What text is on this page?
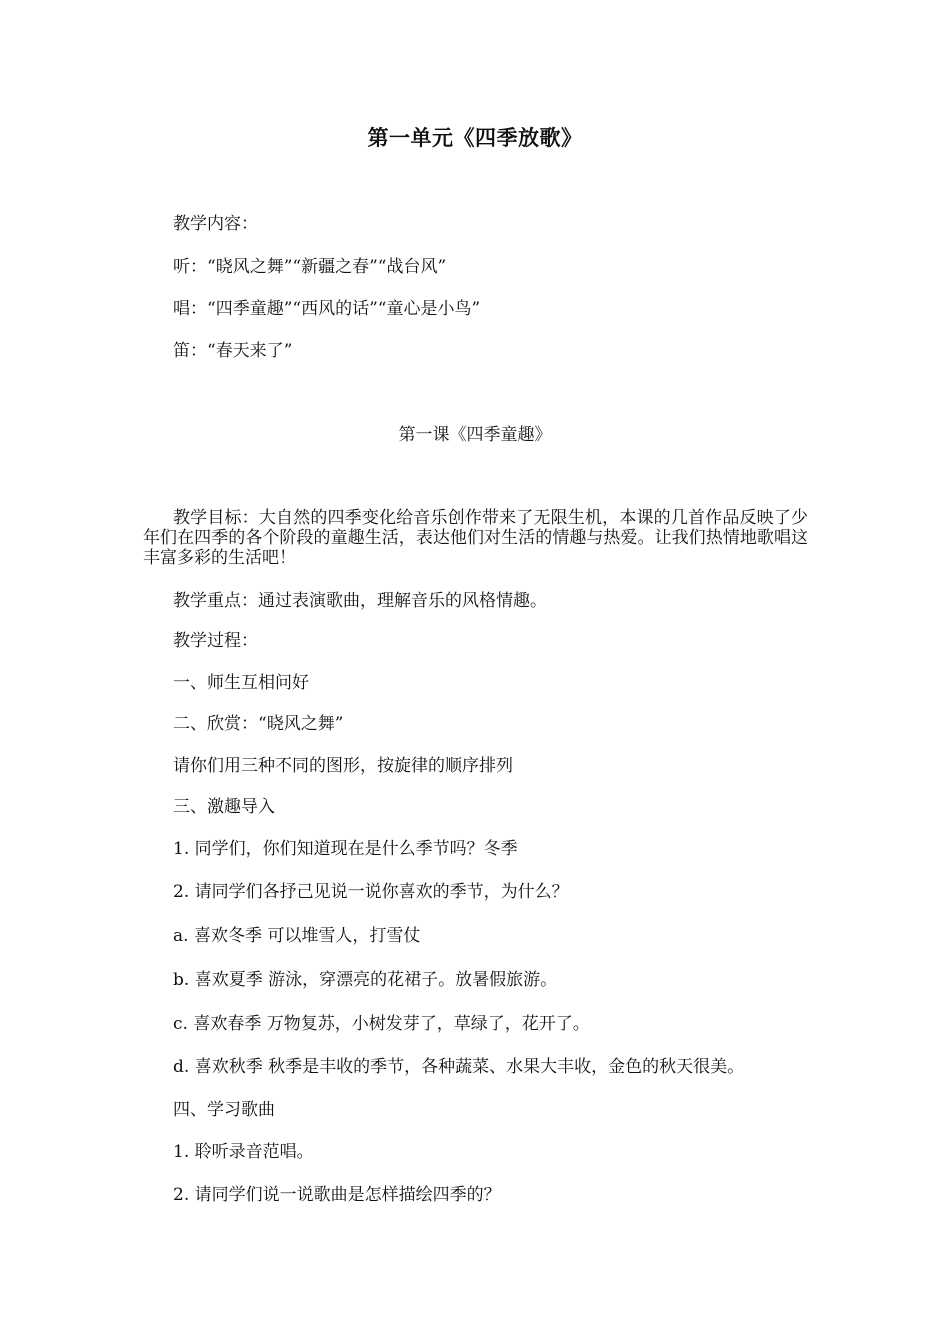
第一单元《四季放歌》
教学内容：
听：“晓风之舞”“新疆之春”“战台风”
唱：“四季童趣”“西风的话”“童心是小鸟”
笛：“春天来了”
第一课《四季童趣》
教学目标：大自然的四季变化给音乐创作带来了无限生机，本课的几首作品反映了少年们在四季的各个阶段的童趣生活，表达他们对生活的情趣与热爱。让我们热情地歌唱这丰富多彩的生活吧！
教学重点：通过表演歌曲，理解音乐的风格情趣。
教学过程：
一、师生互相问好
二、欣赏：“晓风之舞”
请你们用三种不同的图形，按旋律的顺序排列
三、激趣导入
1. 同学们，你们知道现在是什么季节吗？冬季
2. 请同学们各抒己见说一说你喜欢的季节，为什么？
a. 喜欢冬季 可以堆雪人，打雪仗
b. 喜欢夏季 游泳，穿漂亮的花裙子。放暑假旅游。
c. 喜欢春季 万物复苏，小树发芽了，草绿了，花开了。
d. 喜欢秋季 秋季是丰收的季节，各种蔬菜、水果大丰收，金色的秋天很美。
四、学习歌曲
1. 聆听录音范唱。
2. 请同学们说一说歌曲是怎样描绘四季的？
